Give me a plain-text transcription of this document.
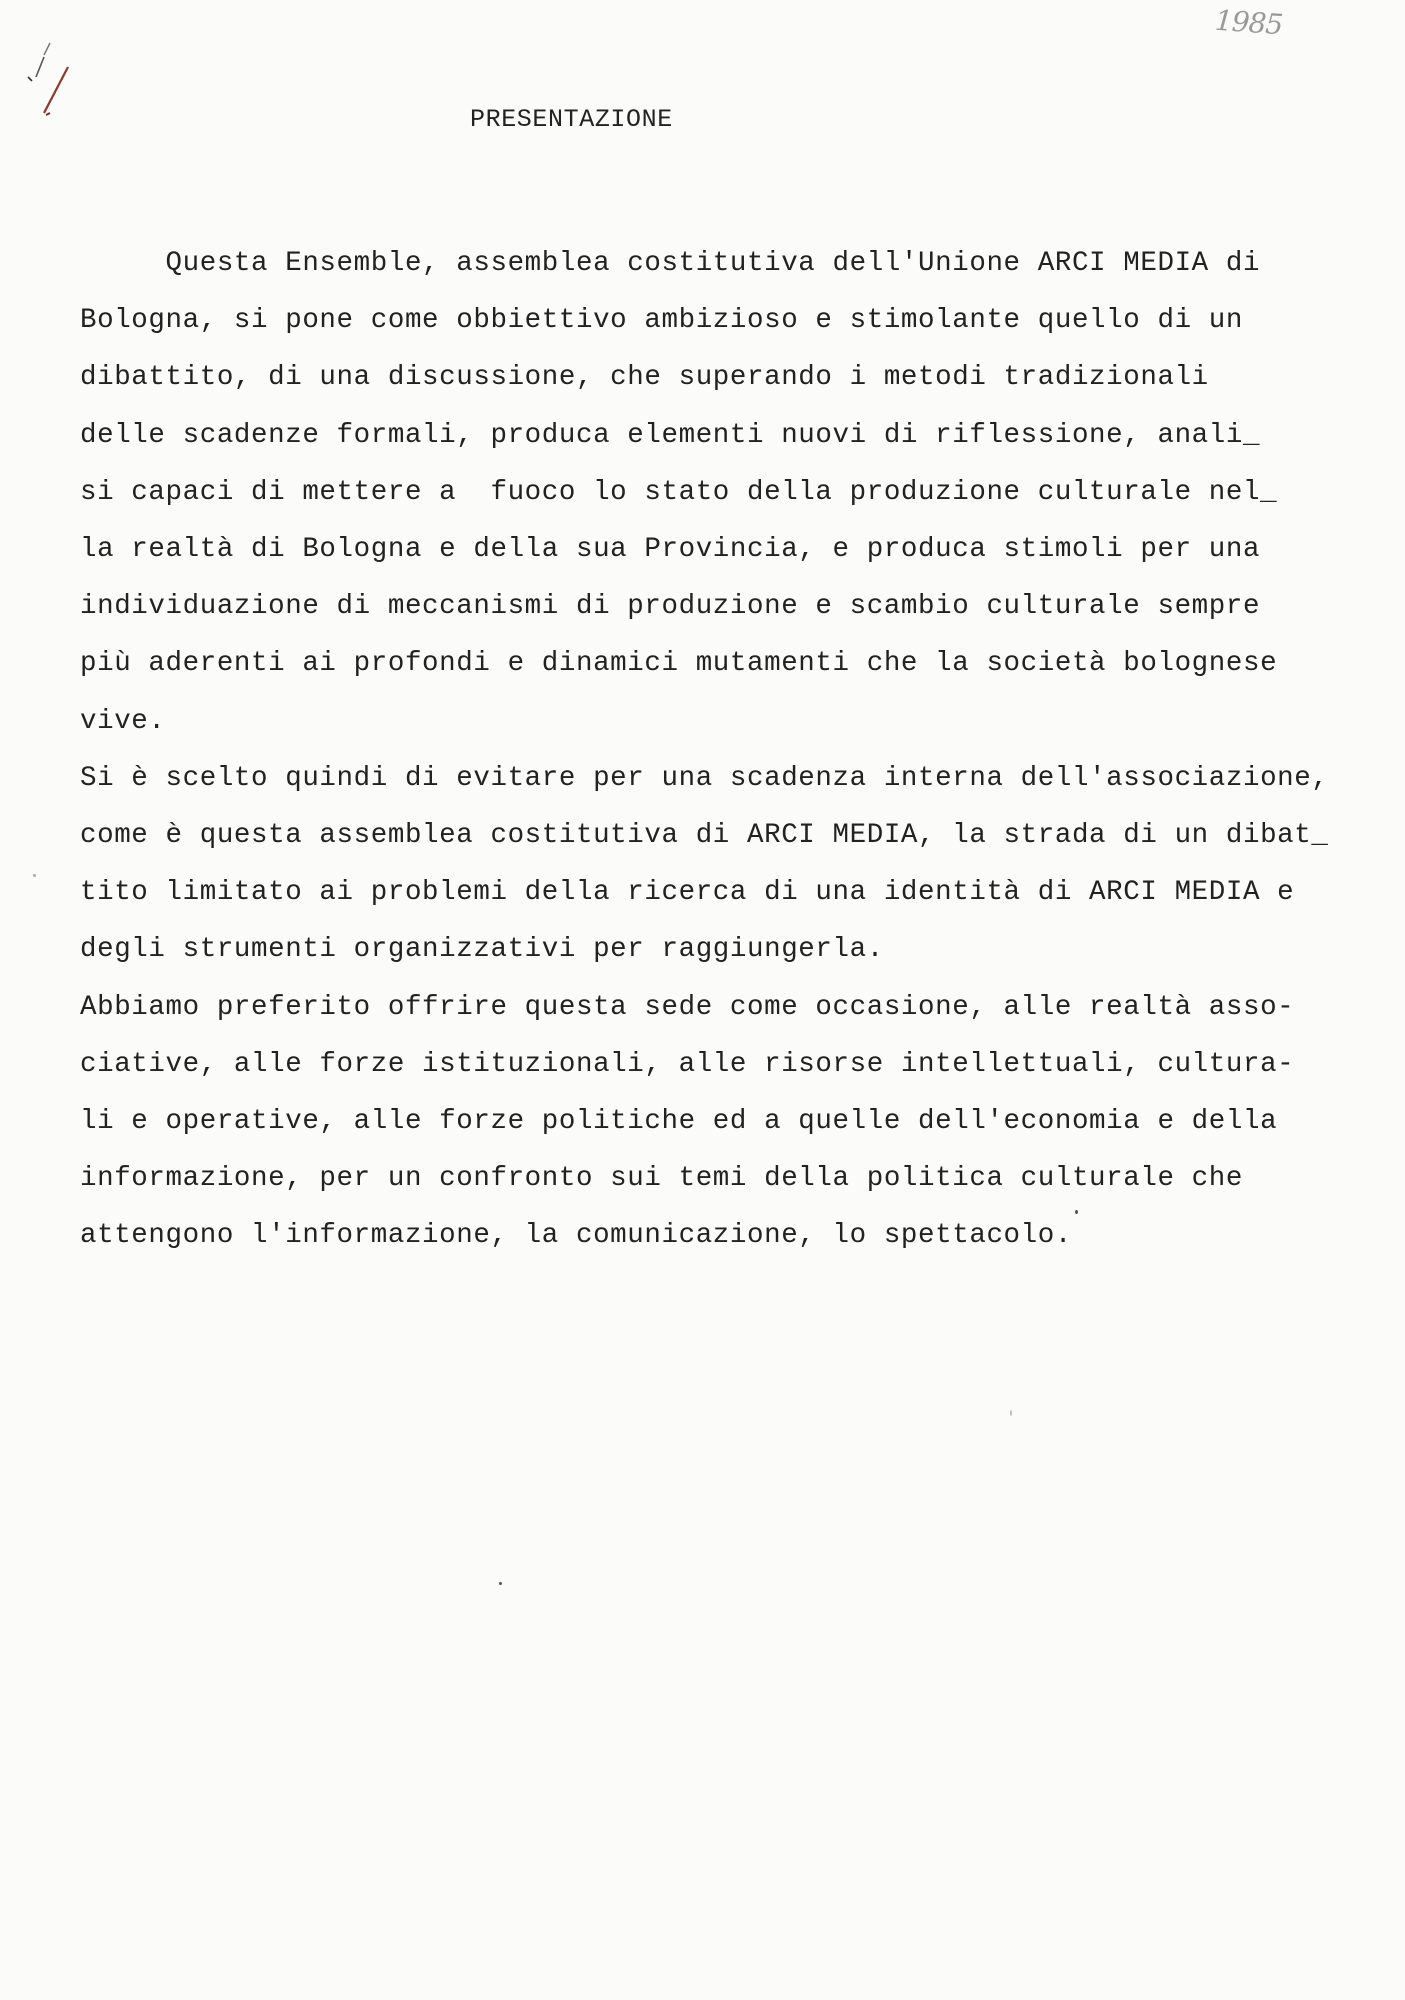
1985
PRESENTAZIONE
Questa Ensemble, assemblea costitutiva dell'Unione ARCI MEDIA di
Bologna, si pone come obbiettivo ambizioso e stimolante quello di un
dibattito, di una discussione, che superando i metodi tradizionali
delle scadenze formali, produca elementi nuovi di riflessione, anali_
si capaci di mettere a  fuoco lo stato della produzione culturale nel_
la realtà di Bologna e della sua Provincia, e produca stimoli per una
individuazione di meccanismi di produzione e scambio culturale sempre
più aderenti ai profondi e dinamici mutamenti che la società bolognese
vive.
Si è scelto quindi di evitare per una scadenza interna dell'associazione,
come è questa assemblea costitutiva di ARCI MEDIA, la strada di un dibat_
tito limitato ai problemi della ricerca di una identità di ARCI MEDIA e
degli strumenti organizzativi per raggiungerla.
Abbiamo preferito offrire questa sede come occasione, alle realtà asso-
ciative, alle forze istituzionali, alle risorse intellettuali, cultura-
li e operative, alle forze politiche ed a quelle dell'economia e della
informazione, per un confronto sui temi della politica culturale che
attengono l'informazione, la comunicazione, lo spettacolo.
